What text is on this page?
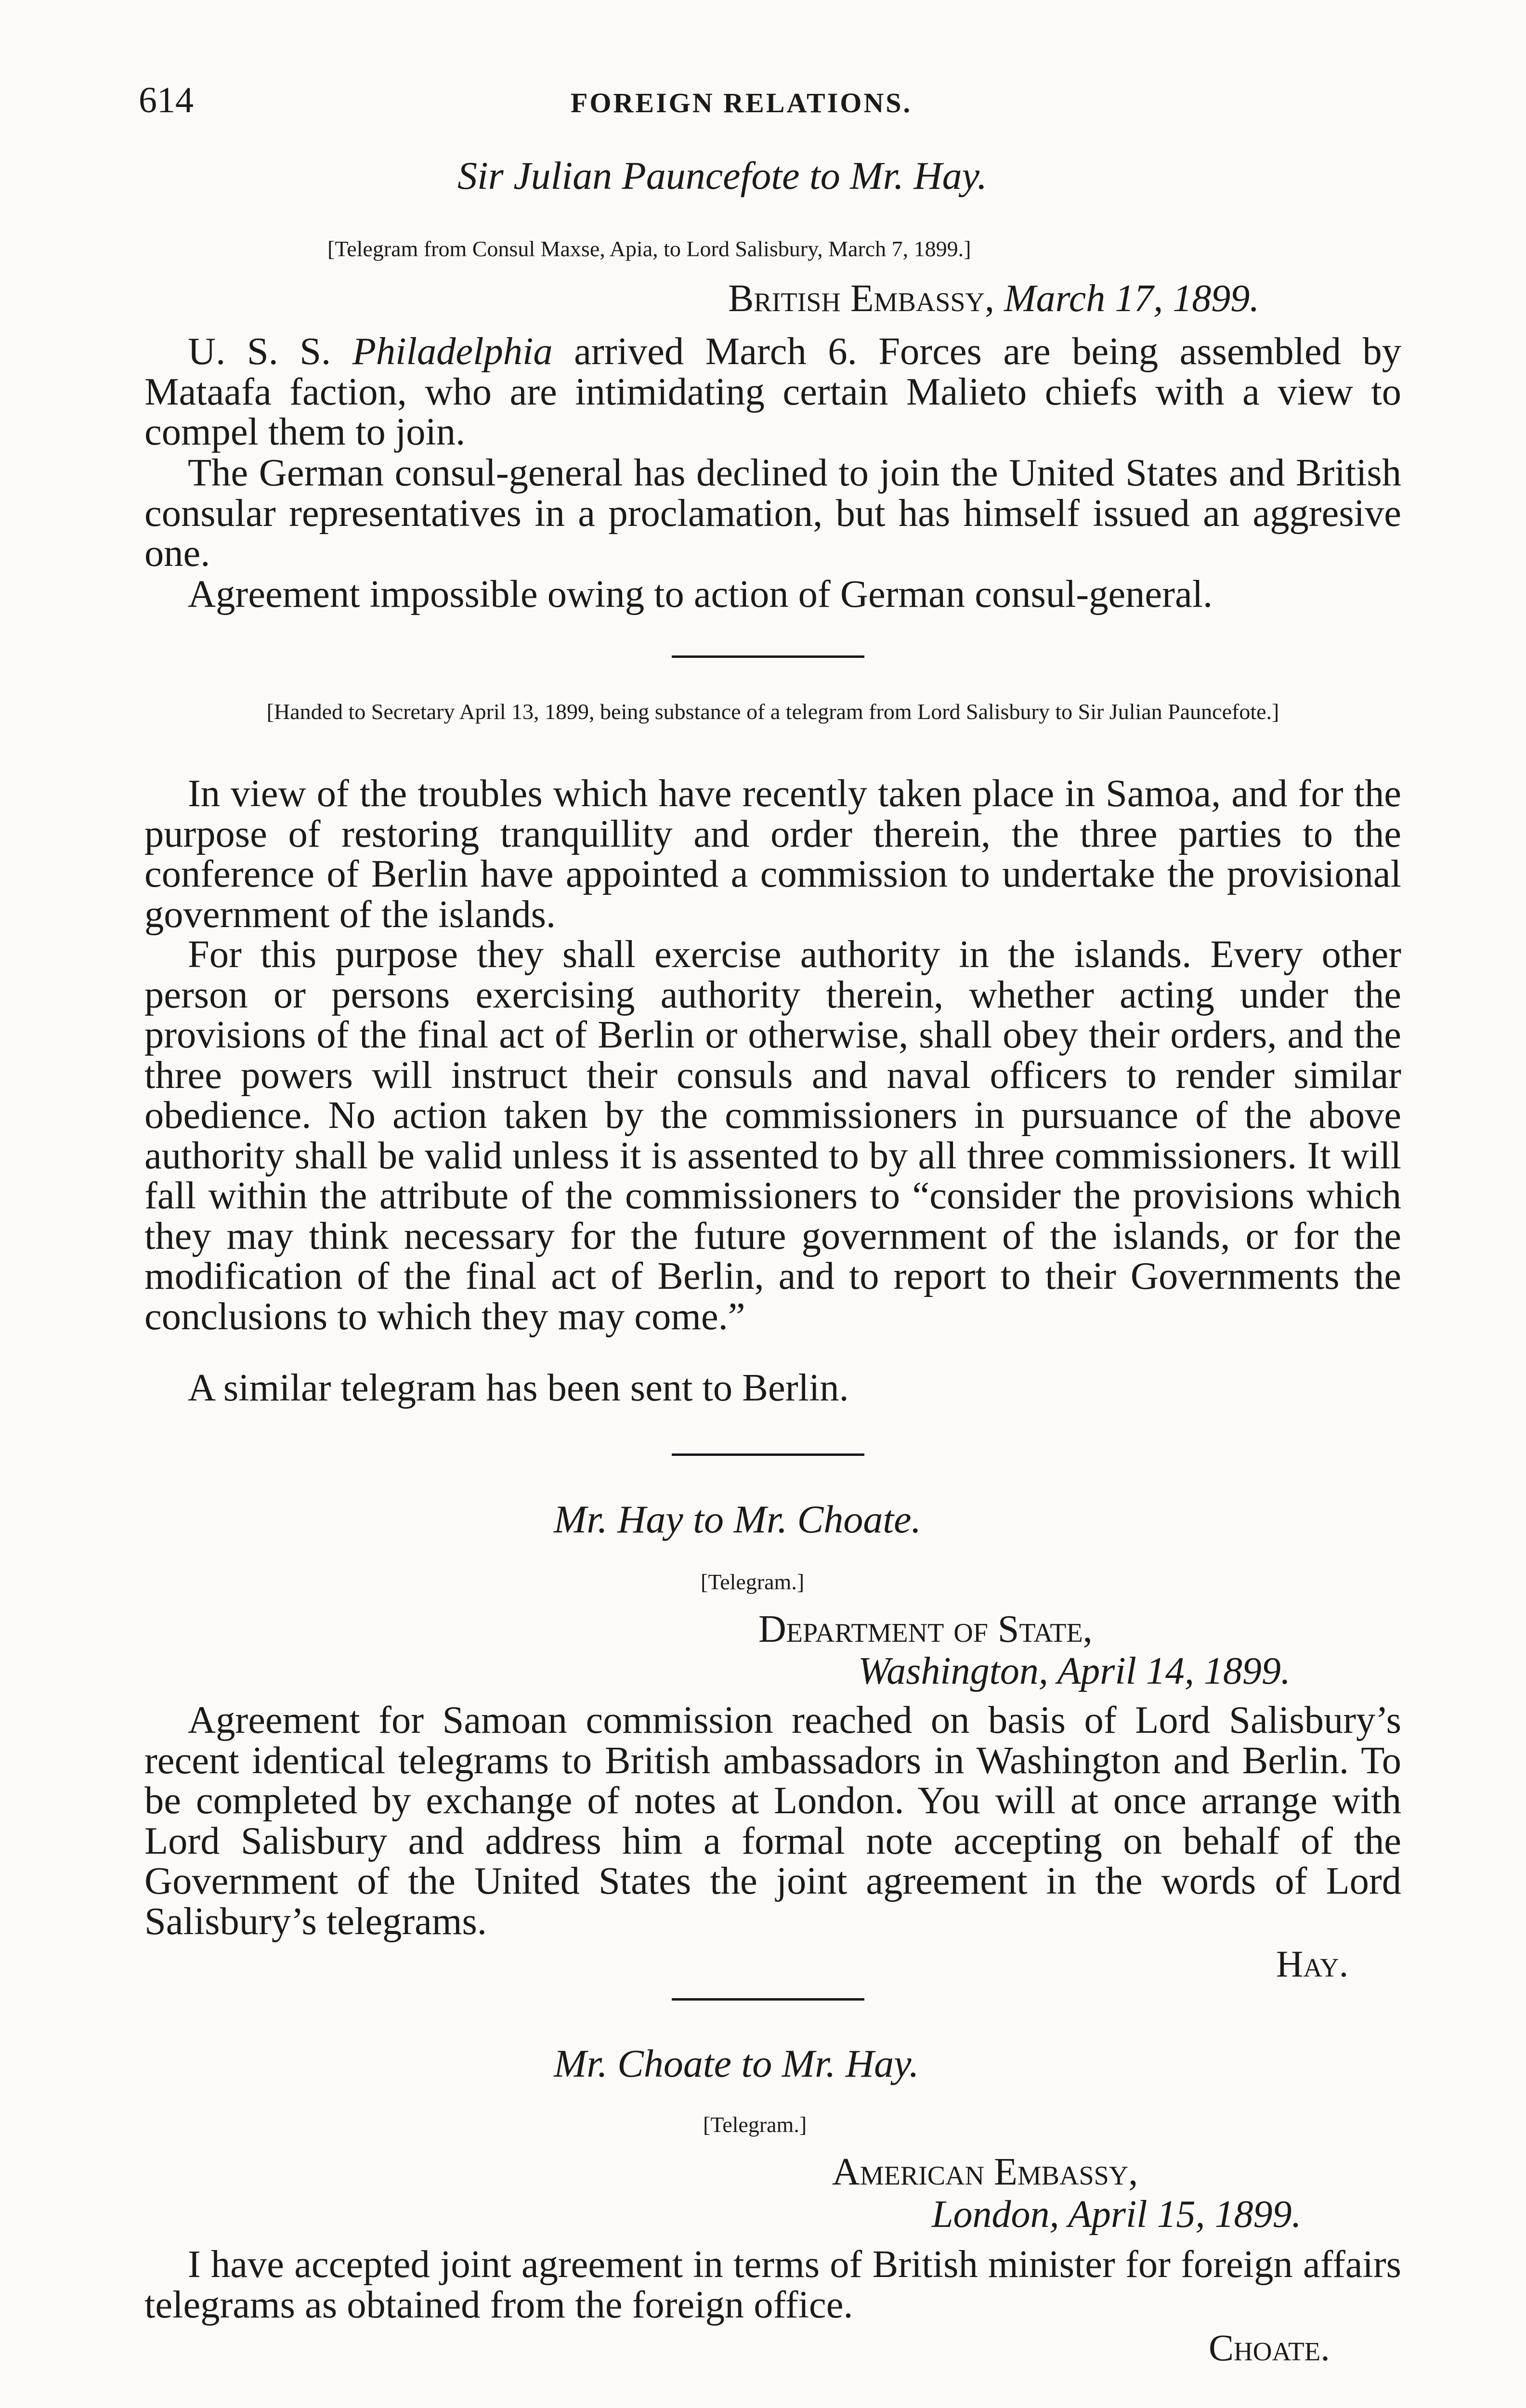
614	FOREIGN RELATIONS.
Sir Julian Pauncefote to Mr. Hay.
[Telegram from Consul Maxse, Apia, to Lord Salisbury, March 7, 1899.]
British Embassy, March 17, 1899.
U. S. S. Philadelphia arrived March 6. Forces are being assembled by Mataafa faction, who are intimidating certain Malieto chiefs with a view to compel them to join.
The German consul-general has declined to join the United States and British consular representatives in a proclamation, but has himself issued an aggresive one.
Agreement impossible owing to action of German consul-general.
[Handed to Secretary April 13, 1899, being substance of a telegram from Lord Salisbury to Sir Julian Pauncefote.]
In view of the troubles which have recently taken place in Samoa, and for the purpose of restoring tranquillity and order therein, the three parties to the conference of Berlin have appointed a commission to undertake the provisional government of the islands.
For this purpose they shall exercise authority in the islands. Every other person or persons exercising authority therein, whether acting under the provisions of the final act of Berlin or otherwise, shall obey their orders, and the three powers will instruct their consuls and naval officers to render similar obedience. No action taken by the commissioners in pursuance of the above authority shall be valid unless it is assented to by all three commissioners. It will fall within the attribute of the commissioners to “consider the provisions which they may think necessary for the future government of the islands, or for the modification of the final act of Berlin, and to report to their Governments the conclusions to which they may come.”
A similar telegram has been sent to Berlin.
Mr. Hay to Mr. Choate.
[Telegram.]
Department of State,
Washington, April 14, 1899.
Agreement for Samoan commission reached on basis of Lord Salisbury’s recent identical telegrams to British ambassadors in Washington and Berlin. To be completed by exchange of notes at London. You will at once arrange with Lord Salisbury and address him a formal note accepting on behalf of the Government of the United States the joint agreement in the words of Lord Salisbury’s telegrams.
Hay.
Mr. Choate to Mr. Hay.
[Telegram.]
American Embassy,
London, April 15, 1899.
I have accepted joint agreement in terms of British minister for foreign affairs telegrams as obtained from the foreign office.
Choate.
